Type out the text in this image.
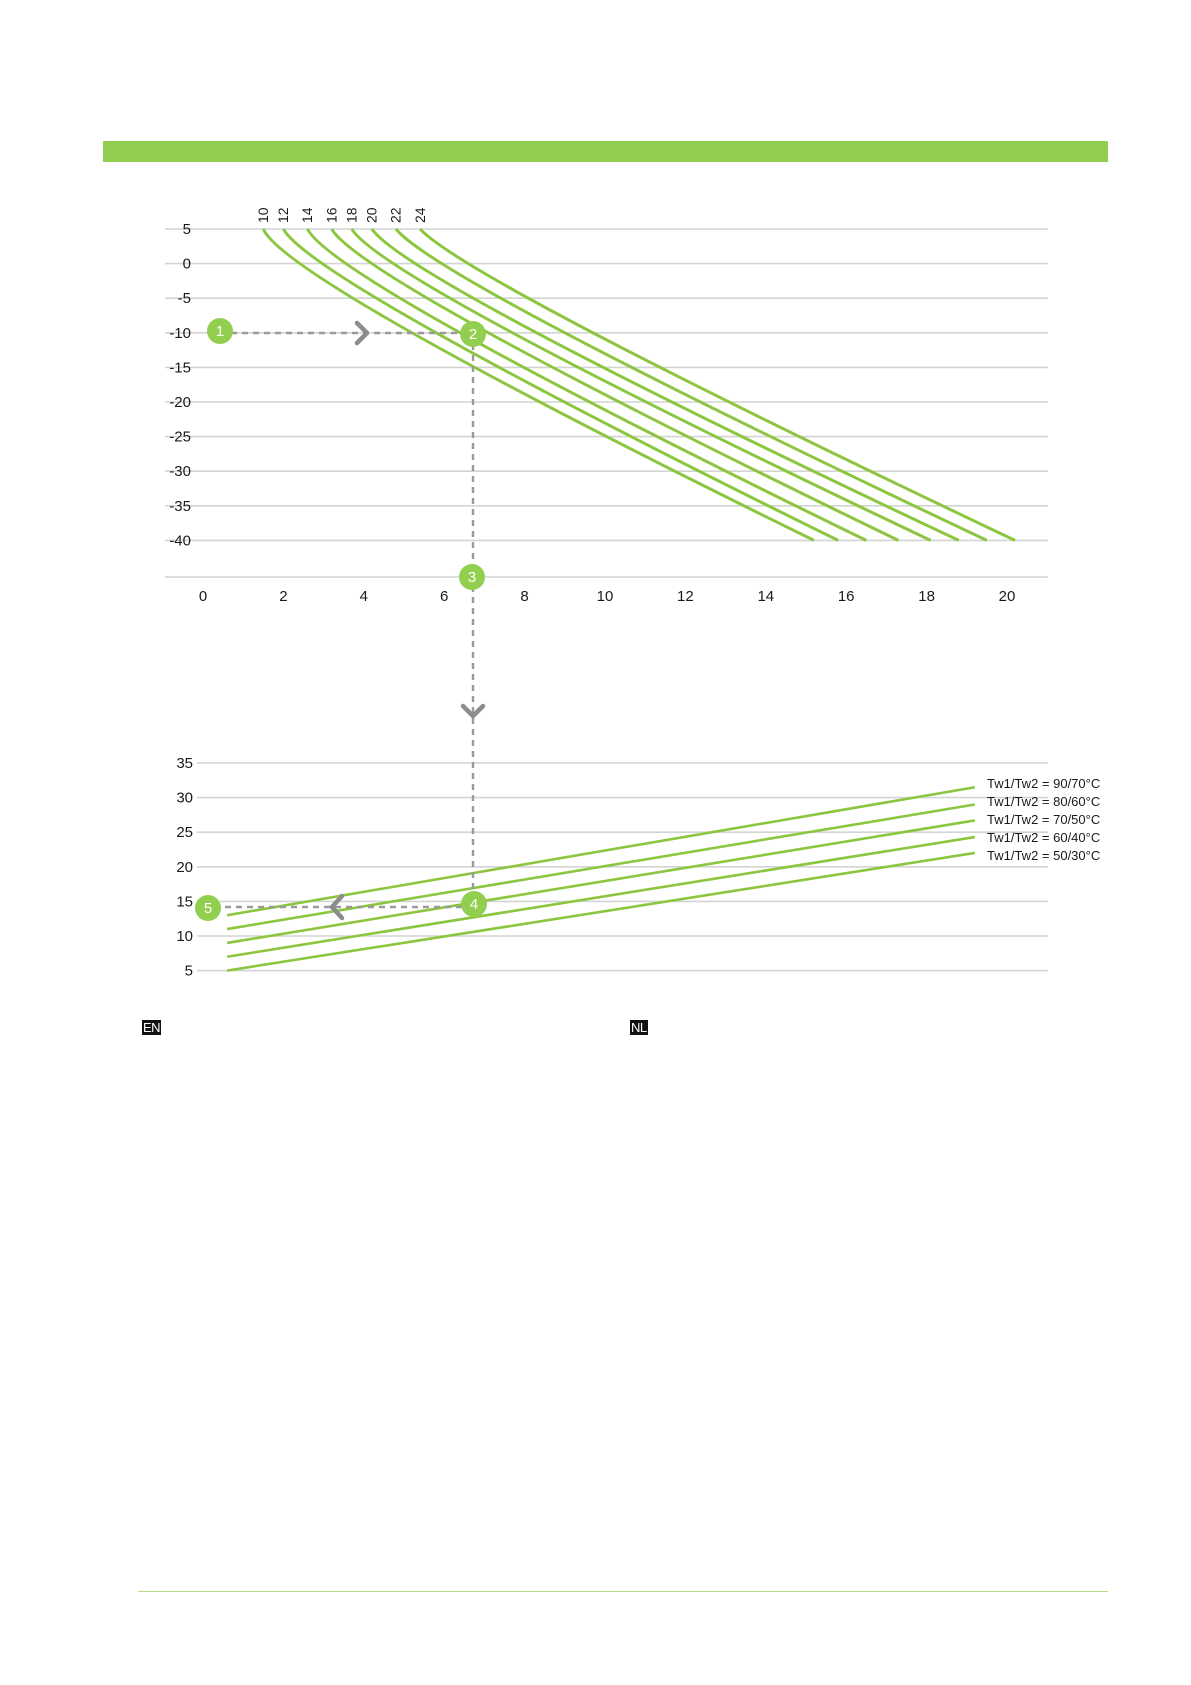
5
0
-5
-10
-15
-20
-25
-30
-35
-40
0	2	4	6	8	10	12	14	16	18	20
10 12 14 16 18 20 22 24
35
30
25
20
15
10
5
Tw1/Tw2 = 90/70°C
Tw1/Tw2 = 80/60°C
Tw1/Tw2 = 70/50°C
Tw1/Tw2 = 60/40°C
Tw1/Tw2 = 50/30°C
1	2
3
4
5
EN	NL
